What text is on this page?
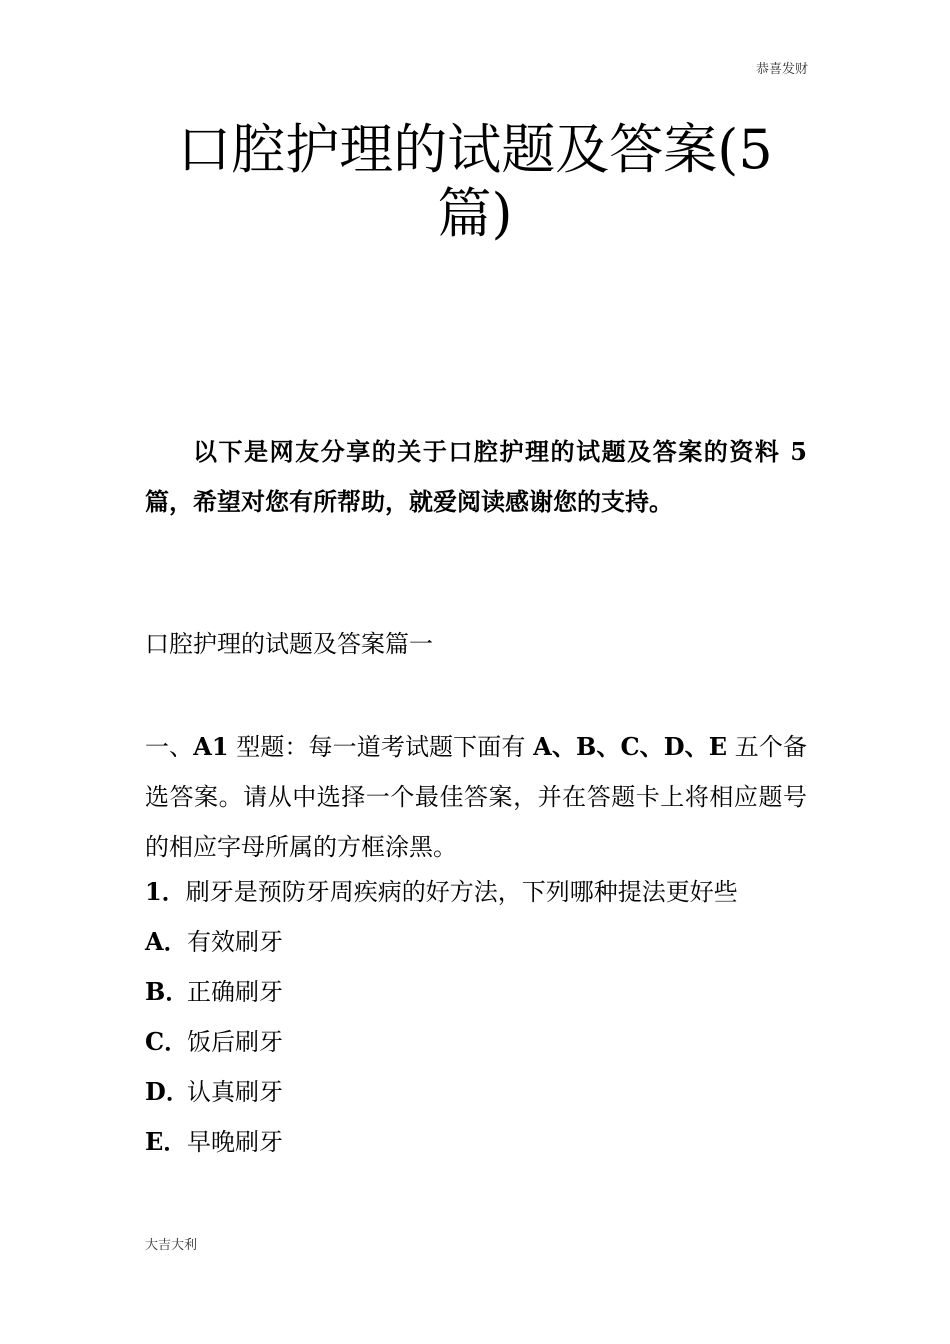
恭喜发财
口腔护理的试题及答案(5篇)

以下是网友分享的关于口腔护理的试题及答案的资料 5 篇，希望对您有所帮助，就爱阅读感谢您的支持。

口腔护理的试题及答案篇一

一、A1 型题：每一道考试题下面有 A、B、C、D、E 五个备选答案。请从中选择一个最佳答案，并在答题卡上将相应题号的相应字母所属的方框涂黑。

1．刷牙是预防牙周疾病的好方法，下列哪种提法更好些
A．有效刷牙
B．正确刷牙
C．饭后刷牙
D．认真刷牙
E．早晚刷牙
大吉大利
